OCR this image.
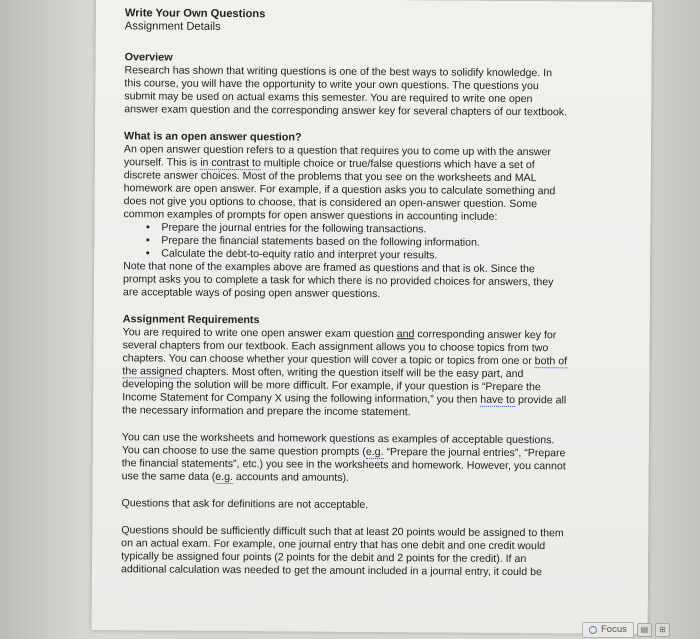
Write Your Own Questions

Assignment Details

Overview

Research has shown that writing questions is one of the best ways to solidify knowledge. In this course, you will have the opportunity to write your own questions. The questions you submit may be used on actual exams this semester. You are required to write one open answer exam question and the corresponding answer key for several chapters of our textbook.

What is an open answer question?

An open answer question refers to a question that requires you to come up with the answer yourself. This is in contrast to multiple choice or true/false questions which have a set of discrete answer choices. Most of the problems that you see on the worksheets and MAL homework are open answer. For example, if a question asks you to calculate something and does not give you options to choose, that is considered an open-answer question. Some common examples of prompts for open answer questions in accounting include:

• Prepare the journal entries for the following transactions.
• Prepare the financial statements based on the following information.
• Calculate the debt-to-equity ratio and interpret your results.

Note that none of the examples above are framed as questions and that is ok. Since the prompt asks you to complete a task for which there is no provided choices for answers, they are acceptable ways of posing open answer questions.

Assignment Requirements

You are required to write one open answer exam question and corresponding answer key for several chapters from our textbook. Each assignment allows you to choose topics from two chapters. You can choose whether your question will cover a topic or topics from one or both of the assigned chapters. Most often, writing the question itself will be the easy part, and developing the solution will be more difficult. For example, if your question is “Prepare the Income Statement for Company X using the following information,” you then have to provide all the necessary information and prepare the income statement.

You can use the worksheets and homework questions as examples of acceptable questions. You can choose to use the same question prompts (e.g. “Prepare the journal entries”, “Prepare the financial statements”, etc.) you see in the worksheets and homework. However, you cannot use the same data (e.g. accounts and amounts).

Questions that ask for definitions are not acceptable.

Questions should be sufficiently difficult such that at least 20 points would be assigned to them on an actual exam. For example, one journal entry that has one debit and one credit would typically be assigned four points (2 points for the debit and 2 points for the credit). If an additional calculation was needed to get the amount included in a journal entry, it could be

Focus	▤	⊞
